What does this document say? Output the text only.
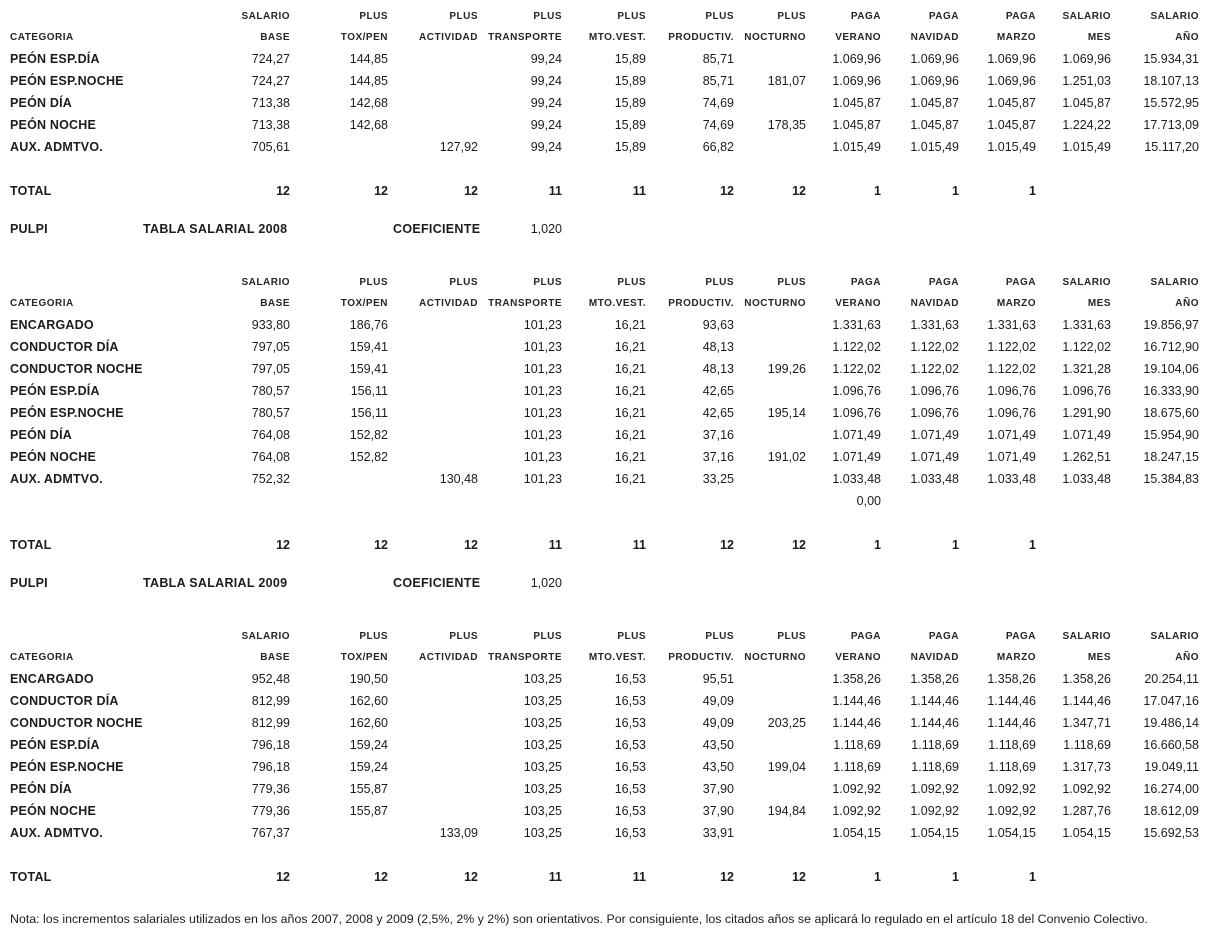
	SALARIO	PLUS	PLUS	PLUS	PLUS	PLUS	PLUS	PAGA	PAGA	PAGA	SALARIO	SALARIO
CATEGORIA	BASE	TOX/PEN	ACTIVIDAD	TRANSPORTE	MTO.VEST.	PRODUCTIV.	NOCTURNO	VERANO	NAVIDAD	MARZO	MES	AÑO
PEÓN ESP.DÍA	724,27	144,85		99,24	15,89	85,71		1.069,96	1.069,96	1.069,96	1.069,96	15.934,31
PEÓN ESP.NOCHE	724,27	144,85		99,24	15,89	85,71	181,07	1.069,96	1.069,96	1.069,96	1.251,03	18.107,13
PEÓN DÍA	713,38	142,68		99,24	15,89	74,69		1.045,87	1.045,87	1.045,87	1.045,87	15.572,95
PEÓN NOCHE	713,38	142,68		99,24	15,89	74,69	178,35	1.045,87	1.045,87	1.045,87	1.224,22	17.713,09
AUX. ADMTVO.	705,61		127,92	99,24	15,89	66,82		1.015,49	1.015,49	1.015,49	1.015,49	15.117,20

TOTAL	12	12	12	11	11	12	12	1	1	1		
PULPI	TABLA SALARIAL 2008	COEFICIENTE	1,020
	SALARIO	PLUS	PLUS	PLUS	PLUS	PLUS	PLUS	PAGA	PAGA	PAGA	SALARIO	SALARIO
CATEGORIA	BASE	TOX/PEN	ACTIVIDAD	TRANSPORTE	MTO.VEST.	PRODUCTIV.	NOCTURNO	VERANO	NAVIDAD	MARZO	MES	AÑO
ENCARGADO	933,80	186,76		101,23	16,21	93,63		1.331,63	1.331,63	1.331,63	1.331,63	19.856,97
CONDUCTOR DÍA	797,05	159,41		101,23	16,21	48,13		1.122,02	1.122,02	1.122,02	1.122,02	16.712,90
CONDUCTOR NOCHE	797,05	159,41		101,23	16,21	48,13	199,26	1.122,02	1.122,02	1.122,02	1.321,28	19.104,06
PEÓN ESP.DÍA	780,57	156,11		101,23	16,21	42,65		1.096,76	1.096,76	1.096,76	1.096,76	16.333,90
PEÓN ESP.NOCHE	780,57	156,11		101,23	16,21	42,65	195,14	1.096,76	1.096,76	1.096,76	1.291,90	18.675,60
PEÓN DÍA	764,08	152,82		101,23	16,21	37,16		1.071,49	1.071,49	1.071,49	1.071,49	15.954,90
PEÓN NOCHE	764,08	152,82		101,23	16,21	37,16	191,02	1.071,49	1.071,49	1.071,49	1.262,51	18.247,15
AUX. ADMTVO.	752,32		130,48	101,23	16,21	33,25		1.033,48	1.033,48	1.033,48	1.033,48	15.384,83
								0,00				

TOTAL	12	12	12	11	11	12	12	1	1	1		
PULPI	TABLA SALARIAL 2009	COEFICIENTE	1,020
	SALARIO	PLUS	PLUS	PLUS	PLUS	PLUS	PLUS	PAGA	PAGA	PAGA	SALARIO	SALARIO
CATEGORIA	BASE	TOX/PEN	ACTIVIDAD	TRANSPORTE	MTO.VEST.	PRODUCTIV.	NOCTURNO	VERANO	NAVIDAD	MARZO	MES	AÑO
ENCARGADO	952,48	190,50		103,25	16,53	95,51		1.358,26	1.358,26	1.358,26	1.358,26	20.254,11
CONDUCTOR DÍA	812,99	162,60		103,25	16,53	49,09		1.144,46	1.144,46	1.144,46	1.144,46	17.047,16
CONDUCTOR NOCHE	812,99	162,60		103,25	16,53	49,09	203,25	1.144,46	1.144,46	1.144,46	1.347,71	19.486,14
PEÓN ESP.DÍA	796,18	159,24		103,25	16,53	43,50		1.118,69	1.118,69	1.118,69	1.118,69	16.660,58
PEÓN ESP.NOCHE	796,18	159,24		103,25	16,53	43,50	199,04	1.118,69	1.118,69	1.118,69	1.317,73	19.049,11
PEÓN DÍA	779,36	155,87		103,25	16,53	37,90		1.092,92	1.092,92	1.092,92	1.092,92	16.274,00
PEÓN NOCHE	779,36	155,87		103,25	16,53	37,90	194,84	1.092,92	1.092,92	1.092,92	1.287,76	18.612,09
AUX. ADMTVO.	767,37		133,09	103,25	16,53	33,91		1.054,15	1.054,15	1.054,15	1.054,15	15.692,53

TOTAL	12	12	12	11	11	12	12	1	1	1		
Nota: los incrementos salariales utilizados en los años 2007, 2008 y 2009 (2,5%, 2% y 2%) son orientativos. Por consiguiente, los citados años se aplicará lo regulado en el artículo 18 del Convenio Colectivo.
